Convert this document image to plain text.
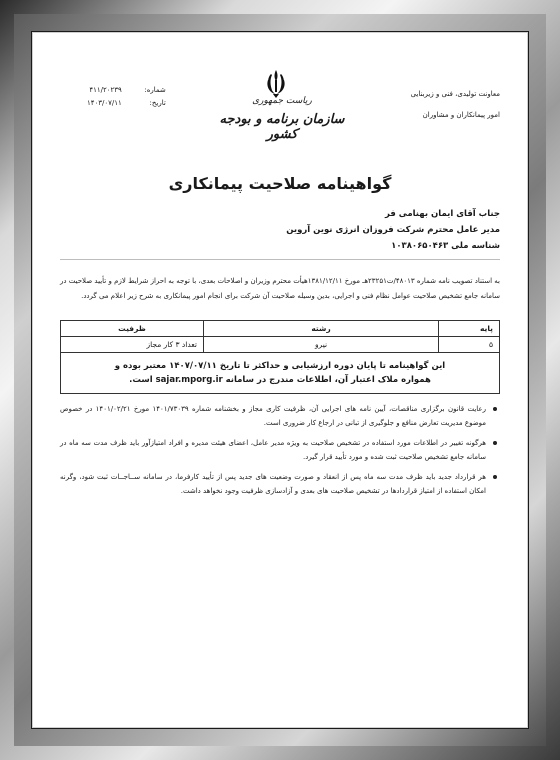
معاونت تولیدی، فنی و زیربنایی
امور پیمانکاران و مشاوران
ریاست جمهوری
سازمان برنامه و بودجه کشور
شماره:
۴۱۱/۲۰۲۳۹
تاریخ:
۱۴۰۳/۰۷/۱۱
گواهینامه صلاحیت پیمانکاری
جناب آقای ایمان بهنامی فر
مدیر عامل محترم شرکت فروزان انرژی نوین آروین
شناسه ملی ۱۰۳۸۰۶۵۰۴۶۳
به استناد تصویب نامه شماره ۴۸۰۱۳/ت۲۳۲۵۱هـ مورخ ۱۳۸۱/۱۲/۱۱هیأت محترم وزیران و اصلاحات بعدی، با توجه به احراز شرایط لازم و تأیید صلاحیت در سامانه جامع تشخیص صلاحیت عوامل نظام فنی و اجرایی، بدین وسیله صلاحیت آن شرکت برای انجام امور پیمانکاری به شرح زیر اعلام می گردد.
پایه	رشته	ظرفیت
۵	نیرو	تعداد ۳ کار مجاز

این گواهینامه تا پایان دوره ارزشیابی و حداکثر تا تاریخ ۱۴۰۷/۰۷/۱۱ معتبر بوده و
همواره ملاک اعتبار آن، اطلاعات مندرج در سامانه sajar.mporg.ir است.		
رعایت قانون برگزاری مناقصات، آیین نامه های اجرایی آن، ظرفیت کاری مجاز و بخشنامه شماره ۱۴۰۱/۷۳۰۳۹ مورخ ۱۴۰۱/۰۲/۲۱ در خصوص موضوع مدیریت تعارض منافع و جلوگیری از تبانی در ارجاع کار ضروری است.
هرگونه تغییر در اطلاعات مورد استفاده در تشخیص صلاحیت به ویژه مدیر عامل، اعضای هیئت مدیره و افراد امتیازآور باید ظرف مدت سه ماه در سامانه جامع تشخیص صلاحیت ثبت شده و مورد تأیید قرار گیرد.
هر قرارداد جدید باید ظرف مدت سه ماه پس از انعقاد و صورت وضعیت های جدید پس از تأیید کارفرما، در سامانه ســاجــات ثبت شود، وگرنه امکان استفاده از امتیاز قراردادها در تشخیص صلاحیت های بعدی و آزادسازی ظرفیت وجود نخواهد داشت.
